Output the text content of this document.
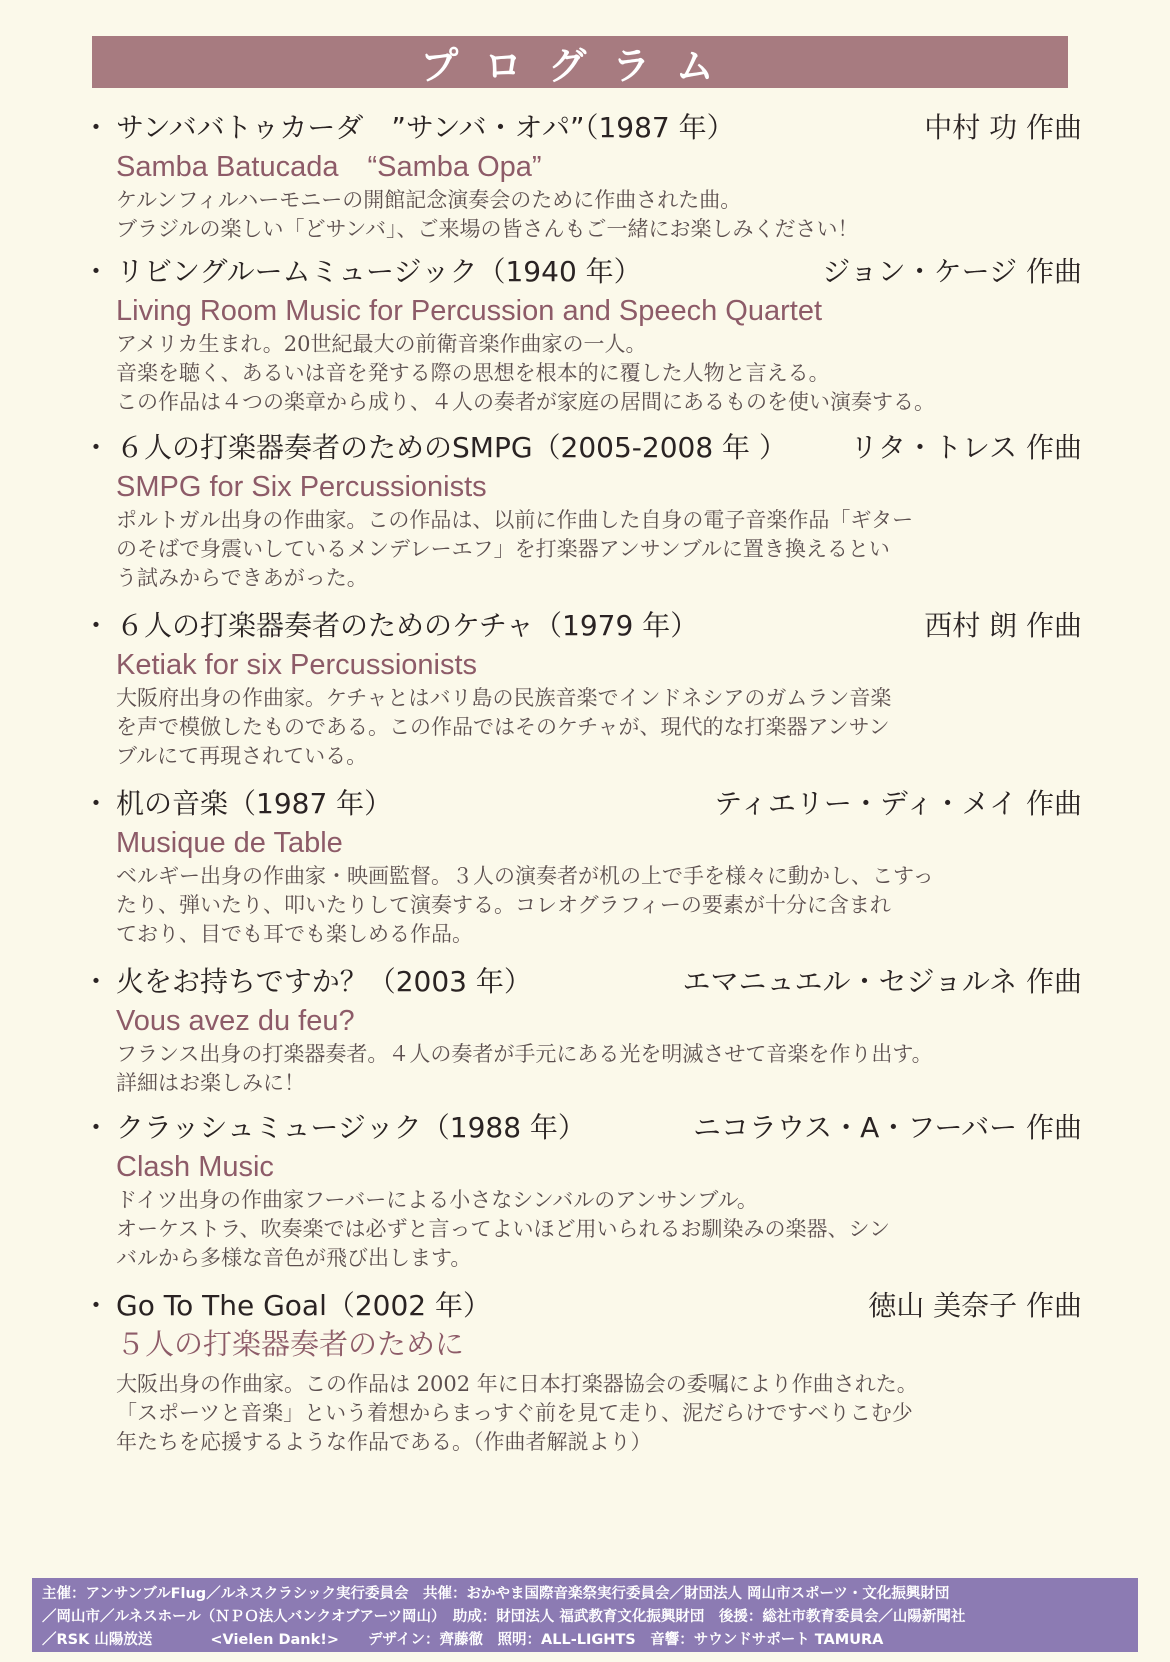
プログラム
・ サンババトゥカーダ　”サンバ・オパ”（1987 年）	中村 功 作曲
Samba Batucada　“Samba Opa”
ケルンフィルハーモニーの開館記念演奏会のために作曲された曲。
ブラジルの楽しい「どサンバ」、ご来場の皆さんもご一緒にお楽しみください！
・ リビングルームミュージック（1940 年）	ジョン・ケージ 作曲
Living Room Music for Percussion and Speech Quartet
アメリカ生まれ。20世紀最大の前衛音楽作曲家の一人。
音楽を聴く、あるいは音を発する際の思想を根本的に覆した人物と言える。
この作品は４つの楽章から成り、４人の奏者が家庭の居間にあるものを使い演奏する。
・ ６人の打楽器奏者のためのSMPG（2005-2008 年 ） リタ・トレス 作曲
SMPG for Six Percussionists
ポルトガル出身の作曲家。この作品は、以前に作曲した自身の電子音楽作品「ギター
のそばで身震いしているメンデレーエフ」を打楽器アンサンブルに置き換えるとい
う試みからできあがった。
・ ６人の打楽器奏者のためのケチャ（1979 年）	西村 朗 作曲
Ketiak for six Percussionists
大阪府出身の作曲家。ケチャとはバリ島の民族音楽でインドネシアのガムラン音楽
を声で模倣したものである。この作品ではそのケチャが、現代的な打楽器アンサン
ブルにて再現されている。
・ 机の音楽（1987 年）	ティエリー・ディ・メイ 作曲
Musique de Table
ベルギー出身の作曲家・映画監督。３人の演奏者が机の上で手を様々に動かし、こすっ
たり、弾いたり、叩いたりして演奏する。コレオグラフィーの要素が十分に含まれ
ており、目でも耳でも楽しめる作品。
・ 火をお持ちですか？（2003 年）	エマニュエル・セジョルネ 作曲
Vous avez du feu?
フランス出身の打楽器奏者。４人の奏者が手元にある光を明滅させて音楽を作り出す。
詳細はお楽しみに！
・ クラッシュミュージック（1988 年）	ニコラウス・A・フーバー 作曲
Clash Music
ドイツ出身の作曲家フーバーによる小さなシンバルのアンサンブル。
オーケストラ、吹奏楽では必ずと言ってよいほど用いられるお馴染みの楽器、シン
バルから多様な音色が飛び出します。
・ Go To The Goal（2002 年）	徳山 美奈子 作曲
５人の打楽器奏者のために
大阪出身の作曲家。この作品は 2002 年に日本打楽器協会の委嘱により作曲された。
「スポーツと音楽」という着想からまっすぐ前を見て走り、泥だらけですべりこむ少
年たちを応援するような作品である。（作曲者解説より）
主催：アンサンブルFlug／ルネスクラシック実行委員会　共催：おかやま国際音楽祭実行委員会／財団法人 岡山市スポーツ・文化振興財団
／岡山市／ルネスホール（ＮＰＯ法人バンクオブアーツ岡山）　助成：財団法人 福武教育文化振興財団　後援：総社市教育委員会／山陽新聞社
／RSK 山陽放送　　　　<Vielen Dank!>　　デザイン：齊藤徹　照明：ALL-LIGHTS　音響：サウンドサポート TAMURA
